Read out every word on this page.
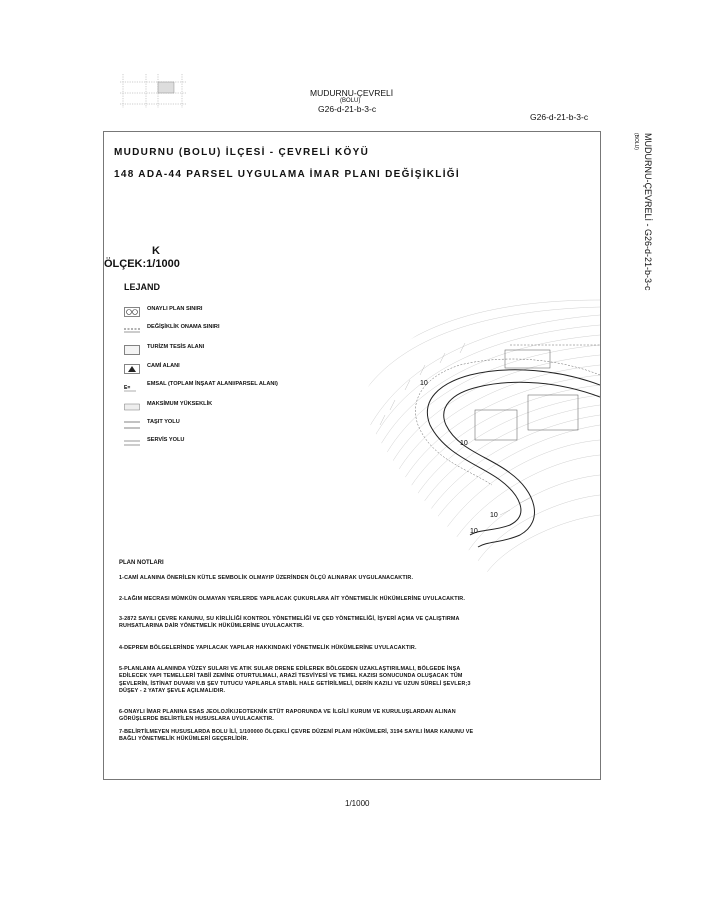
MUDURNU-ÇEVRELİ
(BOLU)
G26-d-21-b-3-c
G26-d-21-b-3-c
MUDURNU-ÇEVRELİ - G26-d-21-b-3-c
(BOLU)
MUDURNU (BOLU) İLÇESİ - ÇEVRELİ KÖYÜ
148 ADA-44 PARSEL UYGULAMA İMAR PLANI DEĞİŞİKLİĞİ
K
ÖLÇEK:1/1000
LEJAND
ONAYLI PLAN SINIRI
DEĞİŞİKLİK ONAMA SINIRI
TURİZM TESİS ALANI
CAMİ ALANI
E=
EMSAL (TOPLAM İNŞAAT ALANI/PARSEL ALANI)
MAKSİMUM YÜKSEKLİK
TAŞIT YOLU
SERVİS YOLU
10
10
10
10
PLAN NOTLARI
1-CAMİ ALANINA ÖNERİLEN KÜTLE SEMBOLİK OLMAYIP ÜZERİNDEN ÖLÇÜ ALINARAK UYGULANACAKTIR.
2-LAĞIM MECRASI MÜMKÜN OLMAYAN YERLERDE YAPILACAK ÇUKURLARA AİT YÖNETMELİK HÜKÜMLERİNE UYULACAKTIR.
3-2872 SAYILI ÇEVRE KANUNU, SU KİRLİLİĞİ KONTROL YÖNETMELİĞİ VE ÇED YÖNETMELİĞİ, İŞYERİ AÇMA VE ÇALIŞTIRMA RUHSATLARINA DAİR YÖNETMELİK HÜKÜMLERİNE UYULACAKTIR.
4-DEPREM BÖLGELERİNDE YAPILACAK YAPILAR HAKKINDAKİ YÖNETMELİK HÜKÜMLERİNE UYULACAKTIR.
5-PLANLAMA ALANINDA YÜZEY SULARI VE ATIK SULAR DRENE EDİLEREK BÖLGEDEN UZAKLAŞTIRILMALI, BÖLGEDE İNŞA EDİLECEK YAPI TEMELLERİ TABİİ ZEMİNE OTURTULMALI, ARAZİ TESVİYESİ VE TEMEL KAZISI SONUCUNDA OLUŞACAK TÜM ŞEVLERİN, İSTİNAT DUVARI V.B ŞEV TUTUCU YAPILARLA STABİL HALE GETİRİLMELİ, DERİN KAZILI VE UZUN SÜRELİ ŞEVLER;3 DÜŞEY - 2 YATAY ŞEVLE AÇILMALIDIR.
6-ONAYLI İMAR PLANINA ESAS JEOLOJİK/JEOTEKNİK ETÜT RAPORUNDA VE İLGİLİ KURUM VE KURULUŞLARDAN ALINAN GÖRÜŞLERDE BELİRTİLEN HUSUSLARA UYULACAKTIR.
7-BELİRTİLMEYEN HUSUSLARDA BOLU İLİ, 1/100000 ÖLÇEKLİ ÇEVRE DÜZENİ PLANI HÜKÜMLERİ, 3194 SAYILI İMAR KANUNU VE BAĞLI YÖNETMELİK HÜKÜMLERİ GEÇERLİDİR.
1/1000
